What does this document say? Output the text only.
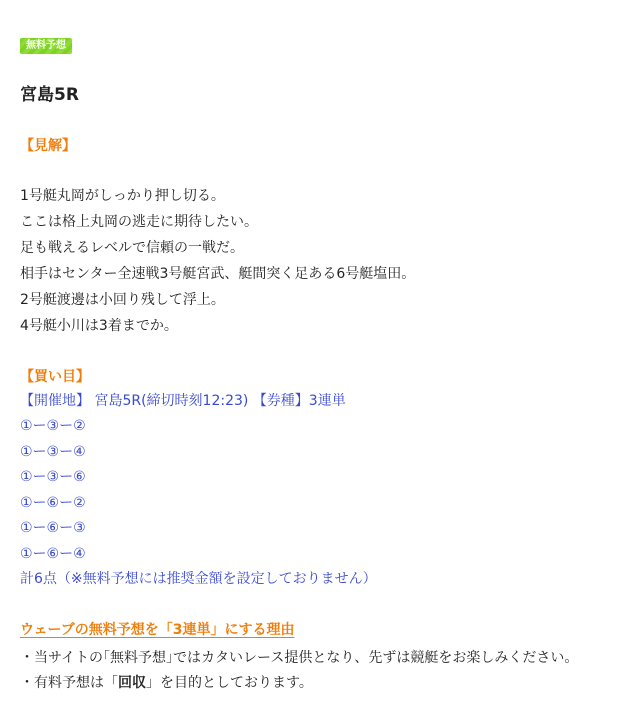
無料予想
宮島5R
【見解】
1号艇丸岡がしっかり押し切る。
ここは格上丸岡の逃走に期待したい。
足も戦えるレベルで信頼の一戦だ。
相手はセンター全速戦3号艇宮武、艇間突く足ある6号艇塩田。
2号艇渡邊は小回り残して浮上。
4号艇小川は3着までか。
【買い目】
【開催地】 宮島5R(締切時刻12:23) 【券種】3連単
①ー③ー②
①ー③ー④
①ー③ー⑥
①ー⑥ー②
①ー⑥ー③
①ー⑥ー④
計6点（※無料予想には推奨金額を設定しておりません）
ウェーブの無料予想を「3連単」にする理由
・当サイトの｢無料予想｣ではカタいレース提供となり、先ずは競艇をお楽しみください。
・有料予想は「回収」を目的としております。
